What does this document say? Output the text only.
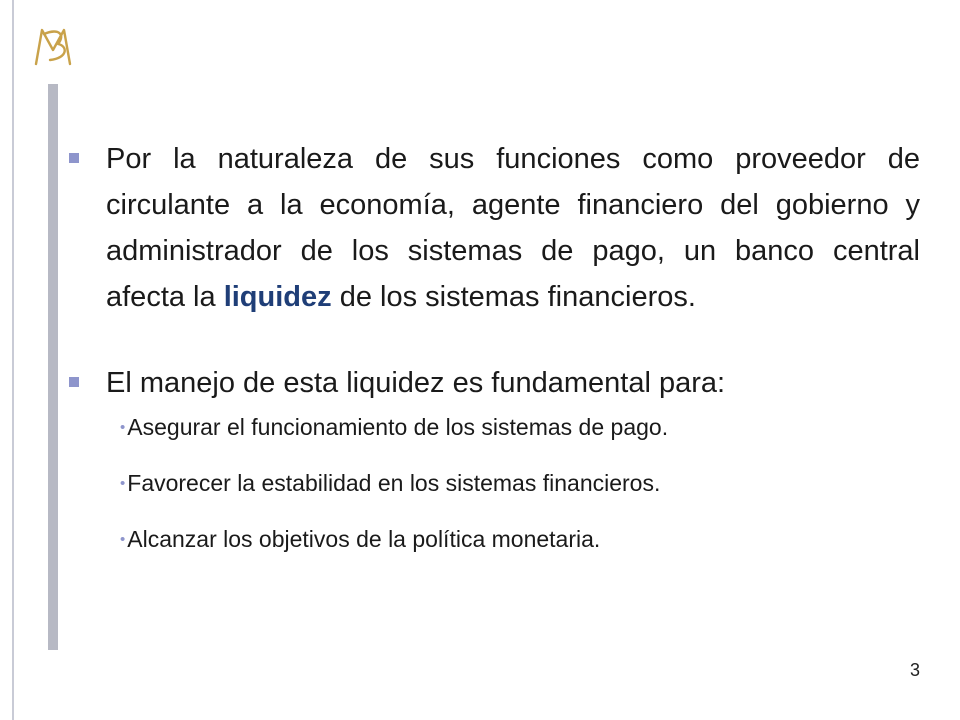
Por la naturaleza de sus funciones como proveedor de circulante a la economía, agente financiero del gobierno y administrador de los sistemas de pago, un banco central afecta la liquidez de los sistemas financieros.
El manejo de esta liquidez es fundamental para:
•Asegurar el funcionamiento de los sistemas de pago.
•Favorecer la estabilidad en los sistemas financieros.
•Alcanzar los objetivos de la política monetaria.
3
